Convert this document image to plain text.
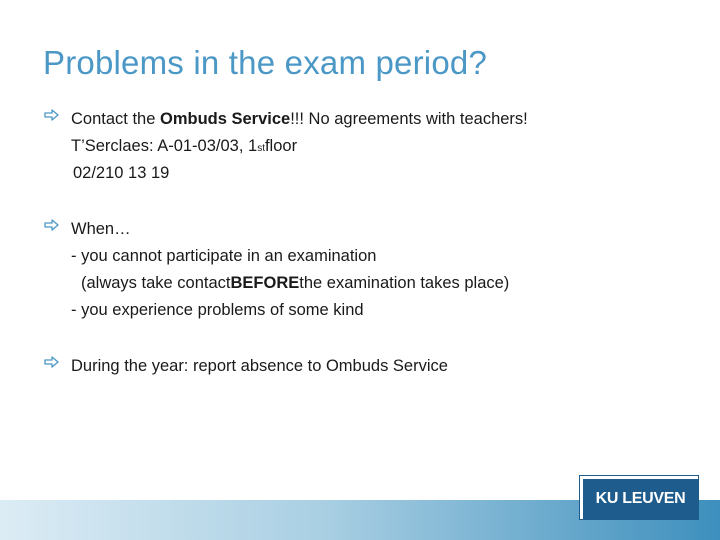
Problems in the exam period?
Contact the Ombuds Service!!! No agreements with teachers!
T’Serclaes: A-01-03/03, 1 st floor
02/210 13 19
When…
- you cannot participate in an examination
(always take contact BEFORE the examination takes place)
- you experience problems of some kind
During the year: report absence to Ombuds Service
KU LEUVEN
